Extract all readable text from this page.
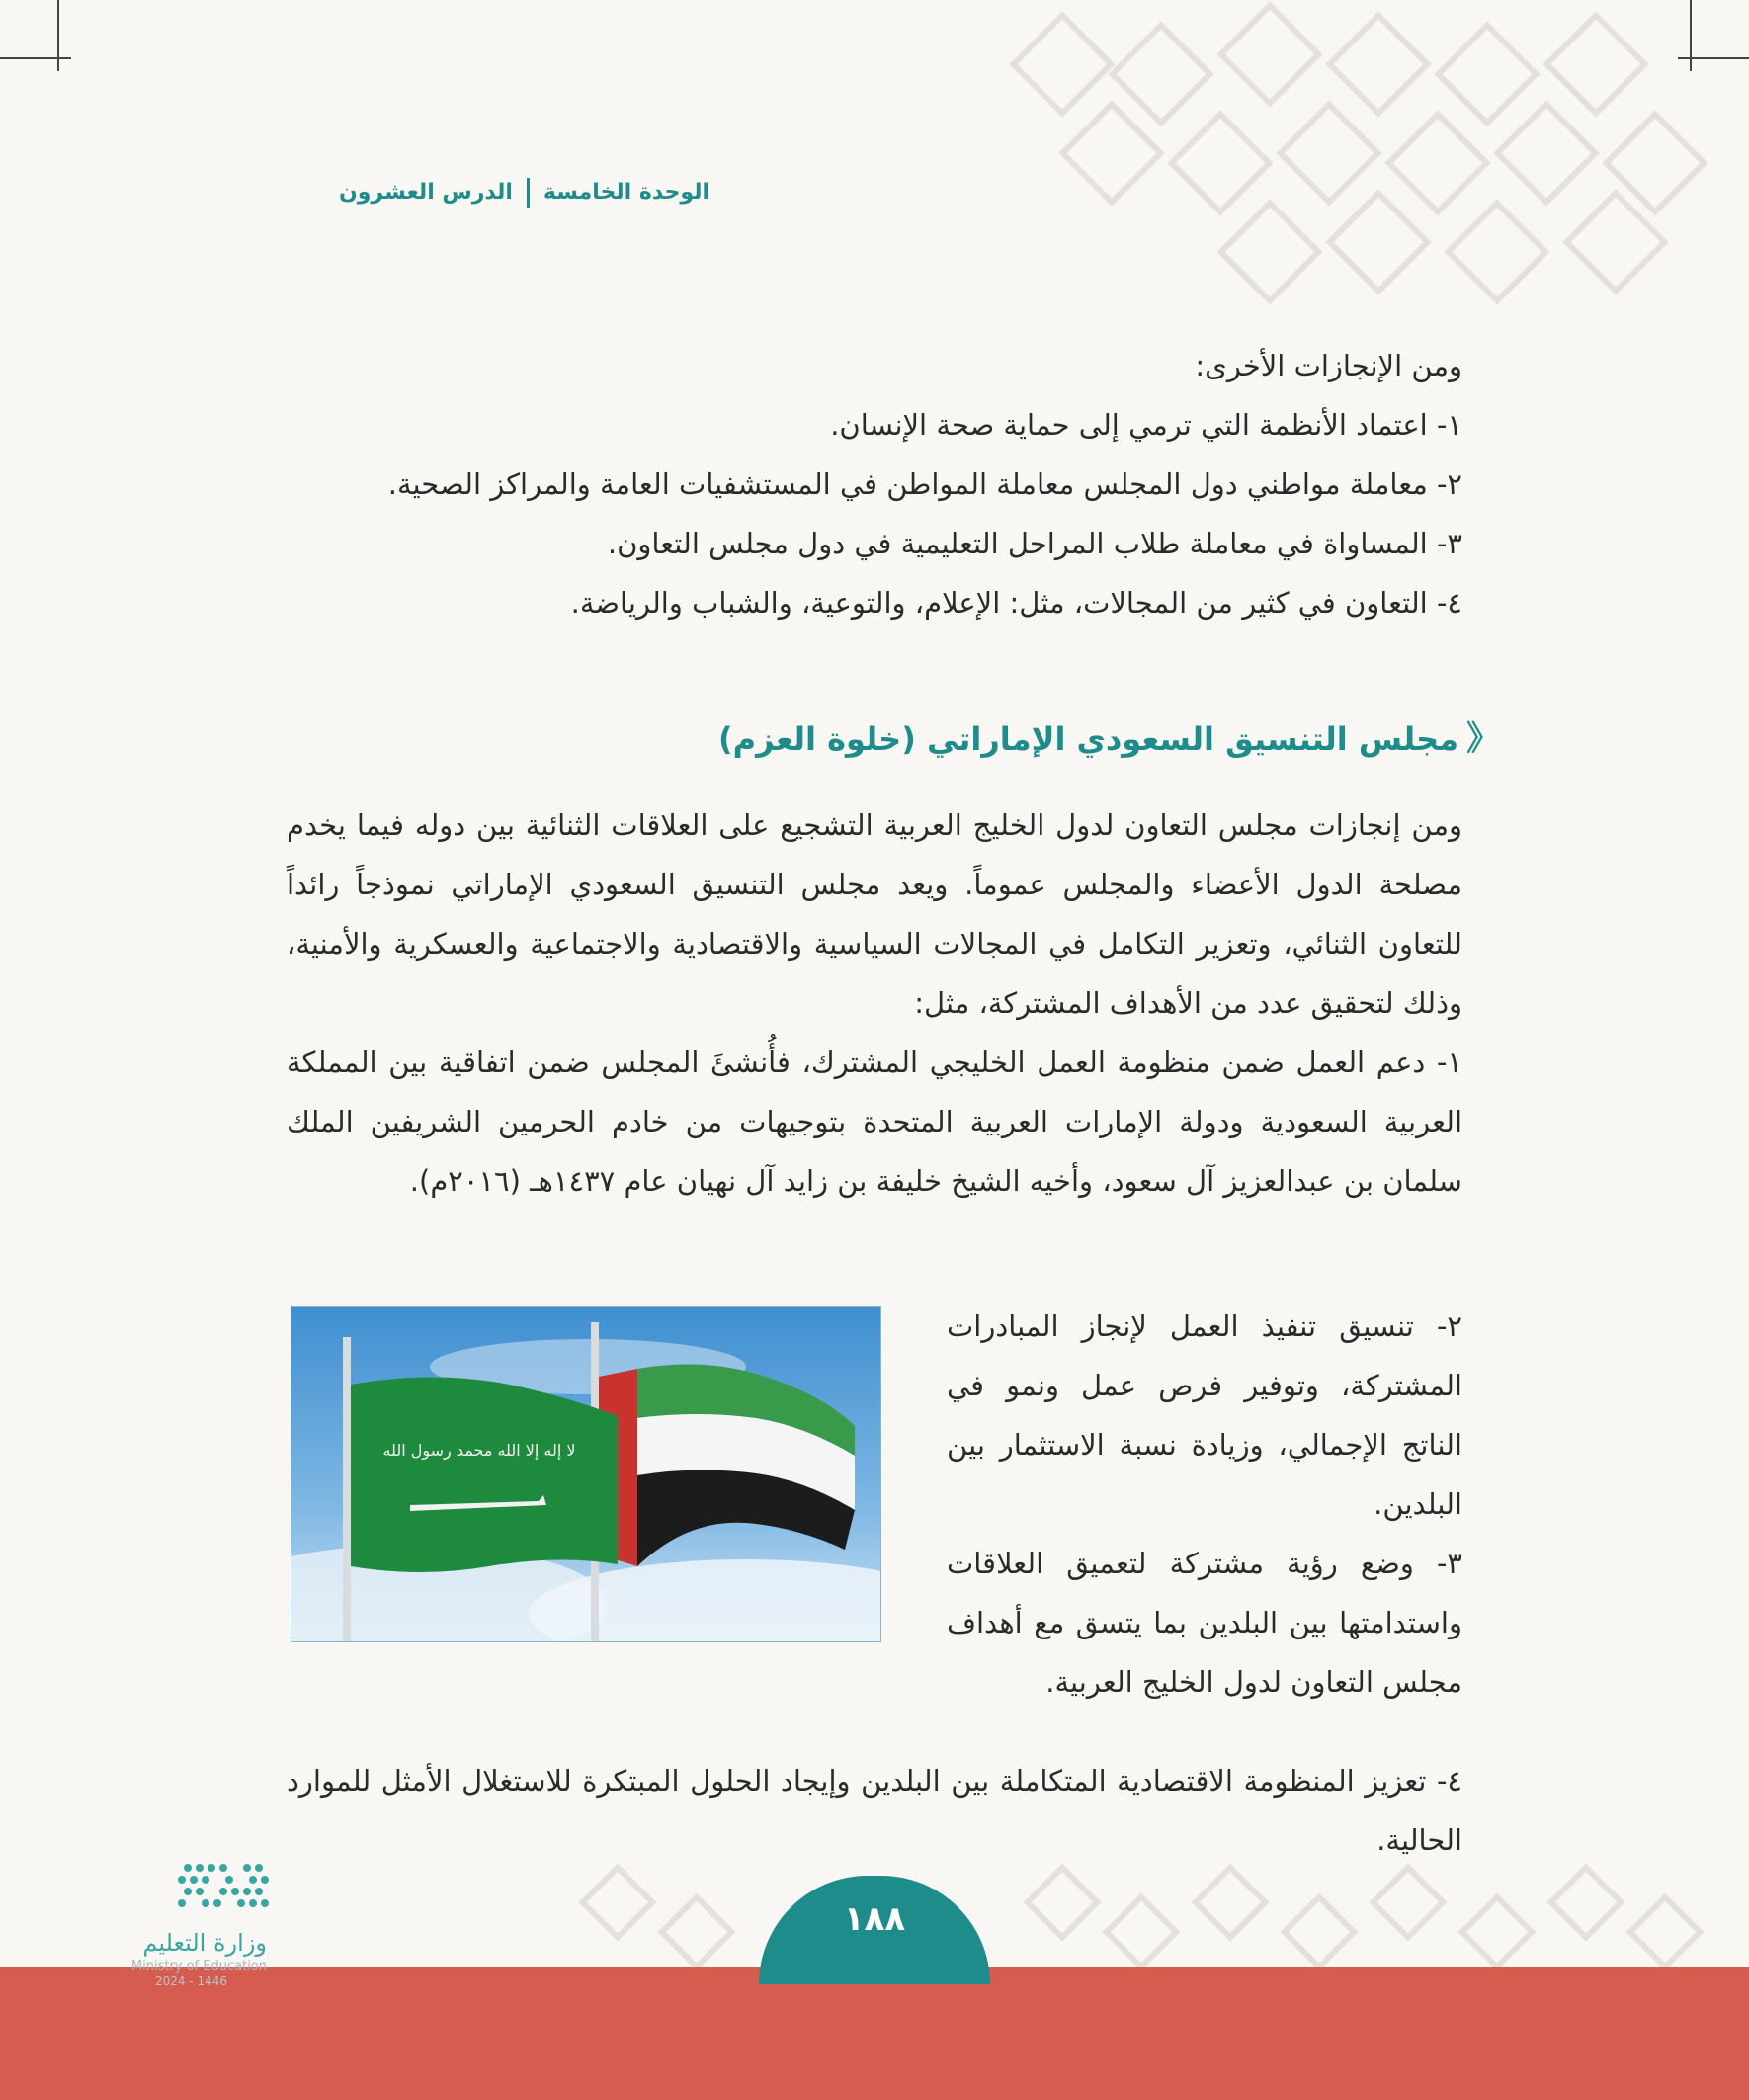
الوحدة الخامسةالدرس العشرون

ومن الإنجازات الأخرى:

١- اعتماد الأنظمة التي ترمي إلى حماية صحة الإنسان.

٢- معاملة مواطني دول المجلس معاملة المواطن في المستشفيات العامة والمراكز الصحية.

٣- المساواة في معاملة طلاب المراحل التعليمية في دول مجلس التعاون.

٤- التعاون في كثير من المجالات، مثل: الإعلام، والتوعية، والشباب والرياضة.

《مجلس التنسيق السعودي الإماراتي (خلوة العزم)

ومن إنجازات مجلس التعاون لدول الخليج العربية التشجيع على العلاقات الثنائية بين دوله فيما يخدم مصلحة الدول الأعضاء والمجلس عموماً. ويعد مجلس التنسيق السعودي الإماراتي نموذجاً رائداً للتعاون الثنائي، وتعزير التكامل في المجالات السياسية والاقتصادية والاجتماعية والعسكرية والأمنية، وذلك لتحقيق عدد من الأهداف المشتركة، مثل:

١- دعم العمل ضمن منظومة العمل الخليجي المشترك، فأُنشئَ المجلس ضمن اتفاقية بين المملكة العربية السعودية ودولة الإمارات العربية المتحدة بتوجيهات من خادم الحرمين الشريفين الملك سلمان بن عبدالعزيز آل سعود، وأخيه الشيخ خليفة بن زايد آل نهيان عام ١٤٣٧هـ (٢٠١٦م).

لا إله إلا الله محمد رسول الله

٢- تنسيق تنفيذ العمل لإنجاز المبادرات المشتركة، وتوفير فرص عمل ونمو في الناتج الإجمالي، وزيادة نسبة الاستثمار بين البلدين.

٣- وضع رؤية مشتركة لتعميق العلاقات واستدامتها بين البلدين بما يتسق مع أهداف مجلس التعاون لدول الخليج العربية.

٤- تعزيز المنظومة الاقتصادية المتكاملة بين البلدين وإيجاد الحلول المبتكرة للاستغلال الأمثل للموارد الحالية.

١٨٨
وزارة التعليم
Ministry of Education
2024 - 1446
